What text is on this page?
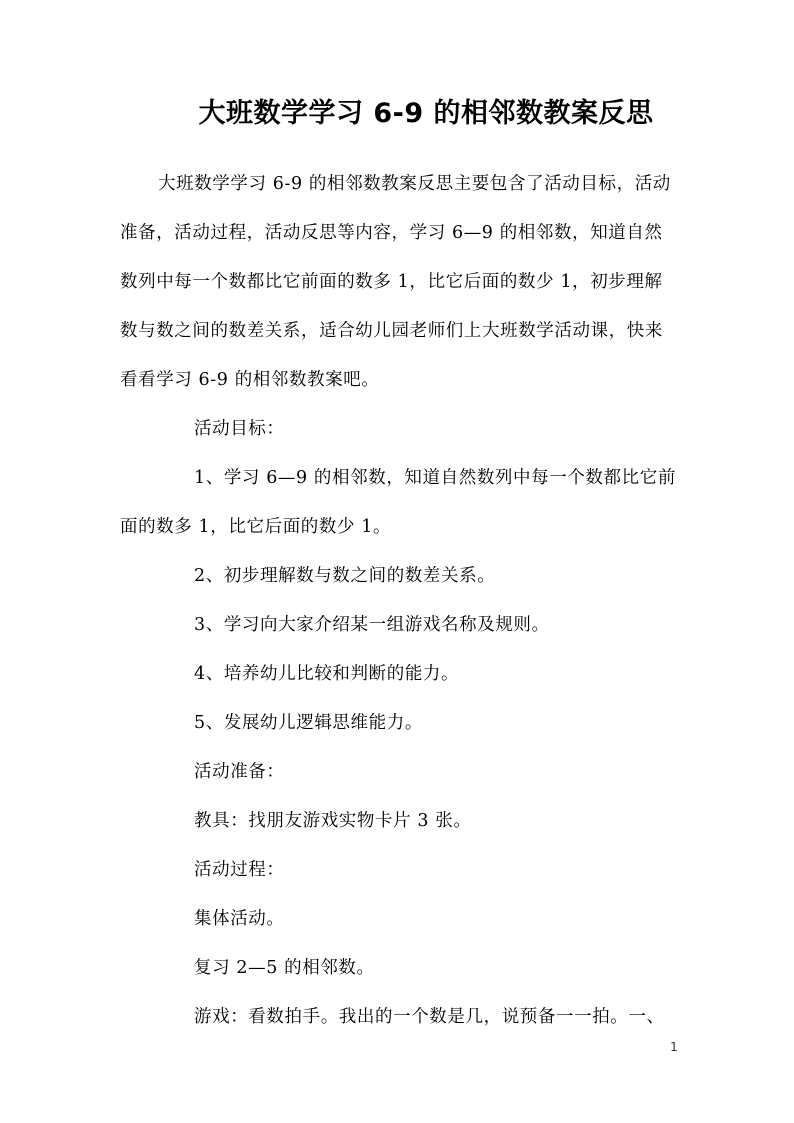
大班数学学习 6-9 的相邻数教案反思
大班数学学习 6-9 的相邻数教案反思主要包含了活动目标，活动
准备，活动过程，活动反思等内容，学习 6—9 的相邻数，知道自然
数列中每一个数都比它前面的数多 1，比它后面的数少 1，初步理解
数与数之间的数差关系，适合幼儿园老师们上大班数学活动课，快来
看看学习 6-9 的相邻数教案吧。
活动目标：
1、学习 6—9 的相邻数，知道自然数列中每一个数都比它前
面的数多 1，比它后面的数少 1。
2、初步理解数与数之间的数差关系。
3、学习向大家介绍某一组游戏名称及规则。
4、培养幼儿比较和判断的能力。
5、发展幼儿逻辑思维能力。
活动准备：
教具：找朋友游戏实物卡片 3 张。
活动过程：
集体活动。
复习 2—5 的相邻数。
游戏：看数拍手。我出的一个数是几，说预备一一拍。一、
1
